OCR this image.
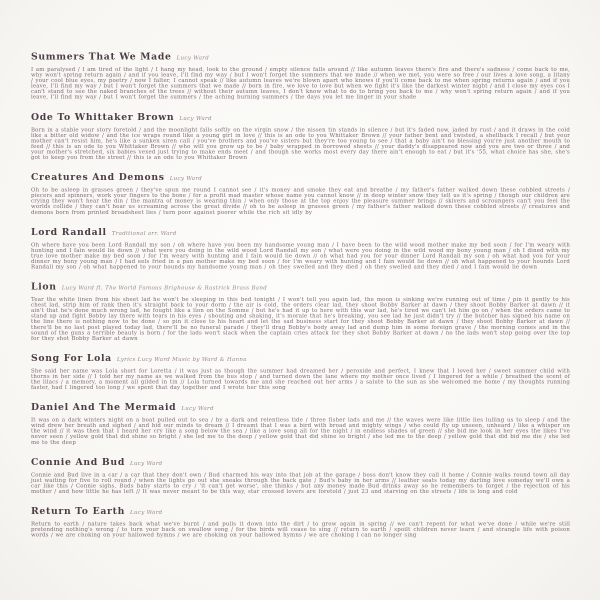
Summers That We Made Lucy Ward

I am paralysed / I am tired of the light / I hang my head, look to the ground / empty silence falls around // like autumn leaves there's fire and there's sadness / come back to me, why won't spring return again / and if you leave, I'll find my way / but I won't forget the summers that we made // when we met, you were so free / our lives a love song, a litany / your cool blue eyes, my poetry / now I falter, I cannot speak // like autumn leaves we're blown apart who knows if you'll come back to me when spring returns again / and if you leave, I'll find my way / but I won't forget the summers that we made // born in fire, we love to love but when we fight it's like the darkest winter night / and I close my eyes cos I can't stand to see the naked branches of the trees // without their autumn leaves, I don't know what to do to bring you back to me / why won't spring return again / and if you leave, I'll find my way / but I won't forget the summers / the aching burning summers / the days you let me linger in your shade

Ode To Whittaker Brown Lucy Ward

Born in a stable your story foretold / and the moonlight falls softly on the virgin snow / the nissen tin stands in silence / but it's faded now, jaded by rust / and it draws in the cold like a bitter old widow / and the ice wraps round like a young girl in love // this is an ode to you Whittaker Brown // your father bent and twisted, a shellback I recall / but your mother can't resist him, he's like a sunken siren call / you've brothers and you've sisters but they're too young to see / that a baby ain't no blessing you're just another mouth to feed // this is an ode to you Whittaker Brown // who will you grow up to be / baby wrapped in borrowed sheets // your daddy's disappeared now and you are two or three / and your mother's stretched, six babies vexed just trying to make ends meet / and though she works most every day there ain't enough to eat / but it's '55, what choice has she, she's got to keep you from the street // this is an ode to you Whittaker Brown

Creatures And Demons Lucy Ward

Oh to be asleep in grasses green / they've spun me round I cannot see / it's money and smoke they eat and breathe / my father's father walked down these cobbled streets / piecers and spinners, work your fingers to the bone / for a profit mad master whose name you cannot know // in deep winter snow they tell us it's spring / though our children are crying they won't hear the din / the mantra of money is wearing thin / when only those at the top enjoy the pleasure summer brings // skivers and scroungers can't you feel the worlds collide / they can't hear us screaming across the great divide // oh to be asleep in grasses green / my father's father walked down these cobbled streets // creatures and demons born from printed broadsheet lies / turn poor against poorer while the rich sit idly by

Lord Randall Traditional arr. Ward

Oh where have you been Lord Randall my son / oh where have you been my handsome young man / I have been to the wild wood mother make my bed soon / for I'm weary with hunting and I fain would lie down // what were you doing in the wild wood Lord Randall my son / what were you doing in the wild wood my bony young man / oh I dined with my true love mother make my bed soon / for I'm weary with hunting and I fain would lie down // oh what had you for your dinner Lord Randall my son / oh what had you for your dinner my bony young man / I had eels fried in a pan mother make my bed soon / for I'm weary with hunting and I fain would lie down // oh what happened to your hounds Lord Randall my son / oh what happened to your hounds my handsome young man / oh they swelled and they died / oh they swelled and they died / and I fain would lie down

Lion Lucy Ward ft. The World Famous Brighouse & Rastrick Brass Band

Tear the white linen from his sheet lad he won't be sleeping in this bed tonight / I won't tell you again lad, the moon is sinking we're running out of time / pin it gently to his chest lad, strip him of rank then it's straight back to your dorm / the air is cold, the orders clear lad, they shoot Bobby Barker at dawn / they shoot Bobby Barker at dawn // it ain't that he's done much wrong lad, he fought like a lion on the Somme / but he's had it up to here with this war lad, he's tired we can't let him go on / when the orders came to stand up and fight Bobby lay there with tears in his eyes / shouting and shaking, it's morale that he's breaking, you see lad he just didn't try // the butcher has signed his name on the line there is nothing now to be done / so pin it close to his heart and let the sad business start for they shoot Bobby Barker at dawn / they shoot Bobby Barker at dawn // there'll be no last post played today lad, there'll be no funeral parade / they'll drag Bobby's body away lad and dump him in some foreign grave / the morning comes and in the sound of the guns a terrible beauty is born / for the lads won't slack when the captain cries attack for they shot Bobby Barker at dawn / no the lads won't stop going over the top for they shot Bobby Barker at dawn

Song For Lola Lyrics Lucy Ward Music by Ward & Hanna

She said her name was Lola short for Loretta / it was just as though the summer had dreamed her / peroxide and perfect, I knew that I loved her / sweet summer child with thorns in her side // I told her my name as we walked from the bus stop / and turned down the lane where my mother once lived / I lingered for a while / breathed the scent of the lilacs / a memory, a moment all gilded in tin // Lola turned towards me and she reached out her arms / a salute to the sun as she welcomed me home / my thoughts running faster, had I lingered too long / we spent that day together and I wrote her this song

Daniel And The Mermaid Lucy Ward

It was on a dark winters night on a boat pulled out to sea / by a dark and relentless tide / three fisher lads and me // the waves were like little lies lulling us to sleep / and the wind drew her breath and sighed / and bid our minds to dream // I dreamt that I was a bird with broad and mighty wings / who could fly up unseen, unheard / like a whisper on the wind // it was then that I heard her cry like a song below the sea / like a love song all for the night / in endless shades of green // she bid me look in her eyes the likes I've never seen / yellow gold that did shine so bright / she led me to the deep / yellow gold that did shine so bright / she led me to the deep / yellow gold that did bid me die / she led me to the deep

Connie And Bud Lucy Ward

Connie and Bud live in a car / a car that they don't own / Bud charmed his way into that job at the garage / boss don't know they call it home / Connie walks round town all day just waiting for five to roll round / when the lights go out she sneaks through the back gate / Bud's baby in her arms // leather seats today my darling love someday we'll own a car like this / Connie sighs, Buds baby starts to cry / 'it can't get worse', she thinks / but any money made Bud drinks away so he remembers to forget / the rejection of his mother / and how little he has left // It was never meant to be this way, star crossed lovers are foretold / just 23 and starving on the streets / life is long and cold

Return To Earth Lucy Ward

Return to earth / nature takes back what we've burnt / and pulls it down into the dirt / to grow again in spring // we can't repent for what we've done / while we're still pretending nothing's wrong / to turn your back on swallow song / for the birds will cease to sing // return to earth / spoilt children never learn / and strangle life with poison words / we are choking on your hallowed hymns / we are choking on your hallowed hymns / we are choking I can no longer sing
